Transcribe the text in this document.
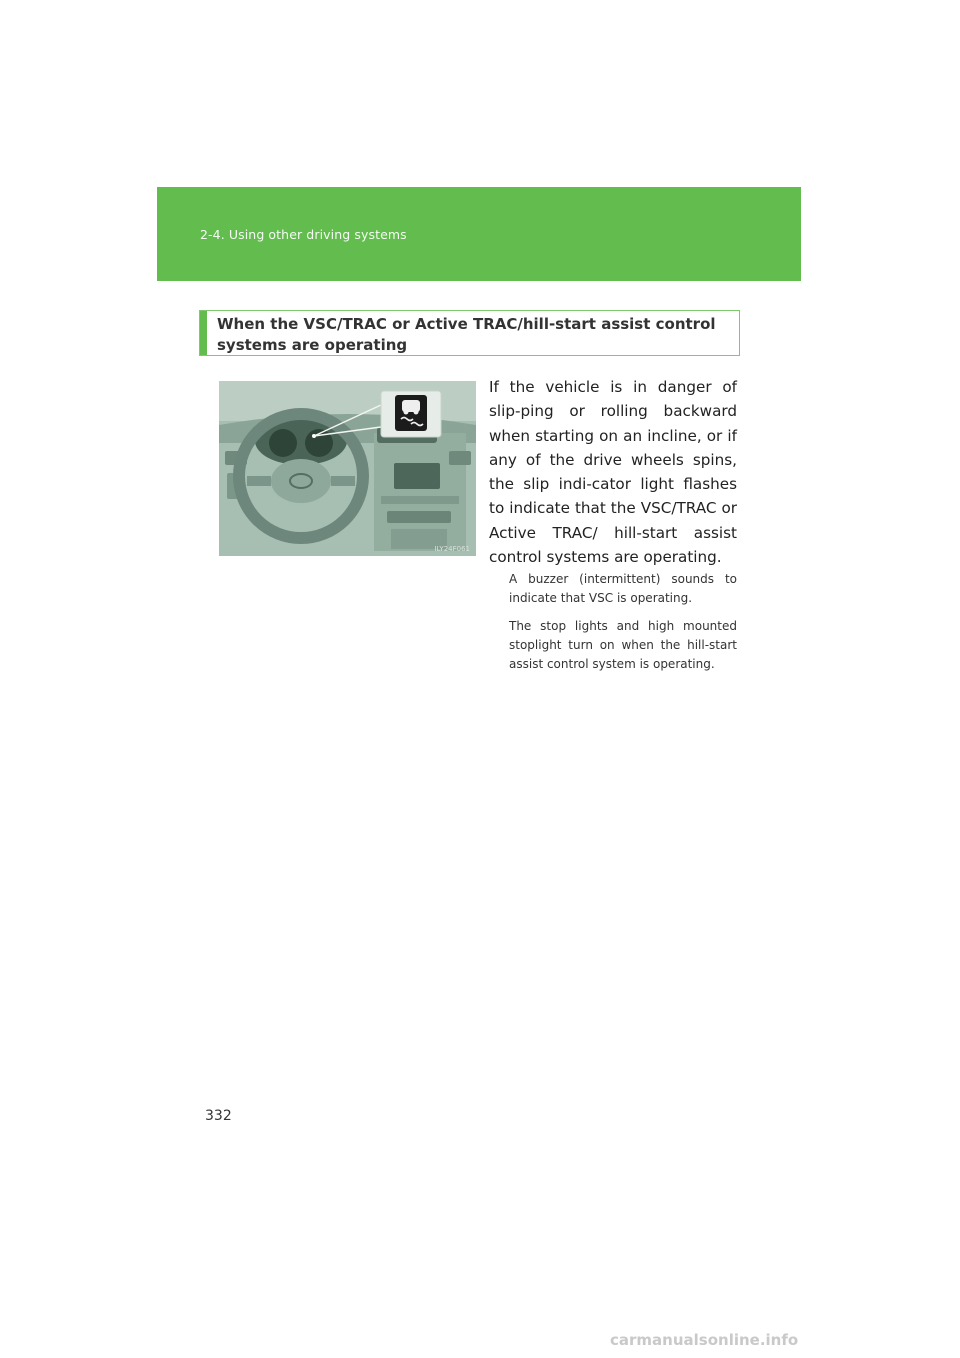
2-4. Using other driving systems
When the VSC/TRAC or Active TRAC/hill-start assist control systems are operating
ILY24F061

If the vehicle is in danger of slip-ping or rolling backward when starting on an incline, or if any of the drive wheels spins, the slip indi-cator light flashes to indicate that the VSC/TRAC or Active TRAC/ hill-start assist control systems are operating.

A buzzer (intermittent) sounds to indicate that VSC is operating.

The stop lights and high mounted stoplight turn on when the hill-start assist control system is operating.

332
carmanualsonline.info
